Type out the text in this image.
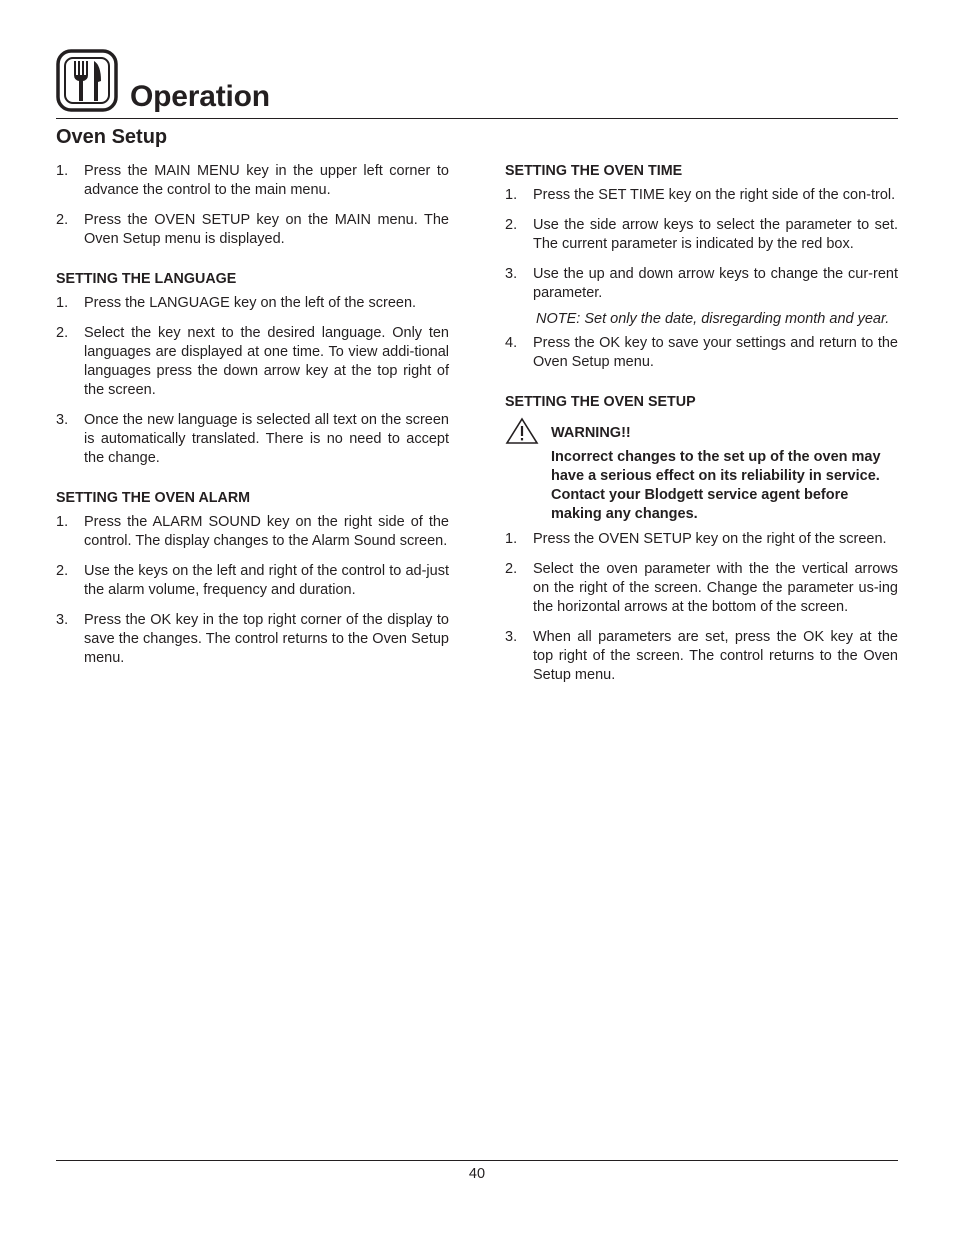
Operation
Oven Setup
1. Press the MAIN MENU key in the upper left corner to advance the control to the main menu.
2. Press the OVEN SETUP key on the MAIN menu. The Oven Setup menu is displayed.
SETTING THE LANGUAGE
1. Press the LANGUAGE key on the left of the screen.
2. Select the key next to the desired language. Only ten languages are displayed at one time. To view addi-tional languages press the down arrow key at the top right of the screen.
3. Once the new language is selected all text on the screen is automatically translated. There is no need to accept the change.
SETTING THE OVEN ALARM
1. Press the ALARM SOUND key on the right side of the control. The display changes to the Alarm Sound screen.
2. Use the keys on the left and right of the control to ad-just the alarm volume, frequency and duration.
3. Press the OK key in the top right corner of the display to save the changes. The control returns to the Oven Setup menu.
SETTING THE OVEN TIME
1. Press the SET TIME key on the right side of the con-trol.
2. Use the side arrow keys to select the parameter to set. The current parameter is indicated by the red box.
3. Use the up and down arrow keys to change the cur-rent parameter.
NOTE: Set only the date, disregarding month and year.
4. Press the OK key to save your settings and return to the Oven Setup menu.
SETTING THE OVEN SETUP
WARNING!!
Incorrect changes to the set up of the oven may have a serious effect on its reliability in service. Contact your Blodgett service agent before making any changes.
1. Press the OVEN SETUP key on the right of the screen.
2. Select the oven parameter with the the vertical arrows on the right of the screen. Change the parameter us-ing the horizontal arrows at the bottom of the screen.
3. When all parameters are set, press the OK key at the top right of the screen. The control returns to the Oven Setup menu.
40
